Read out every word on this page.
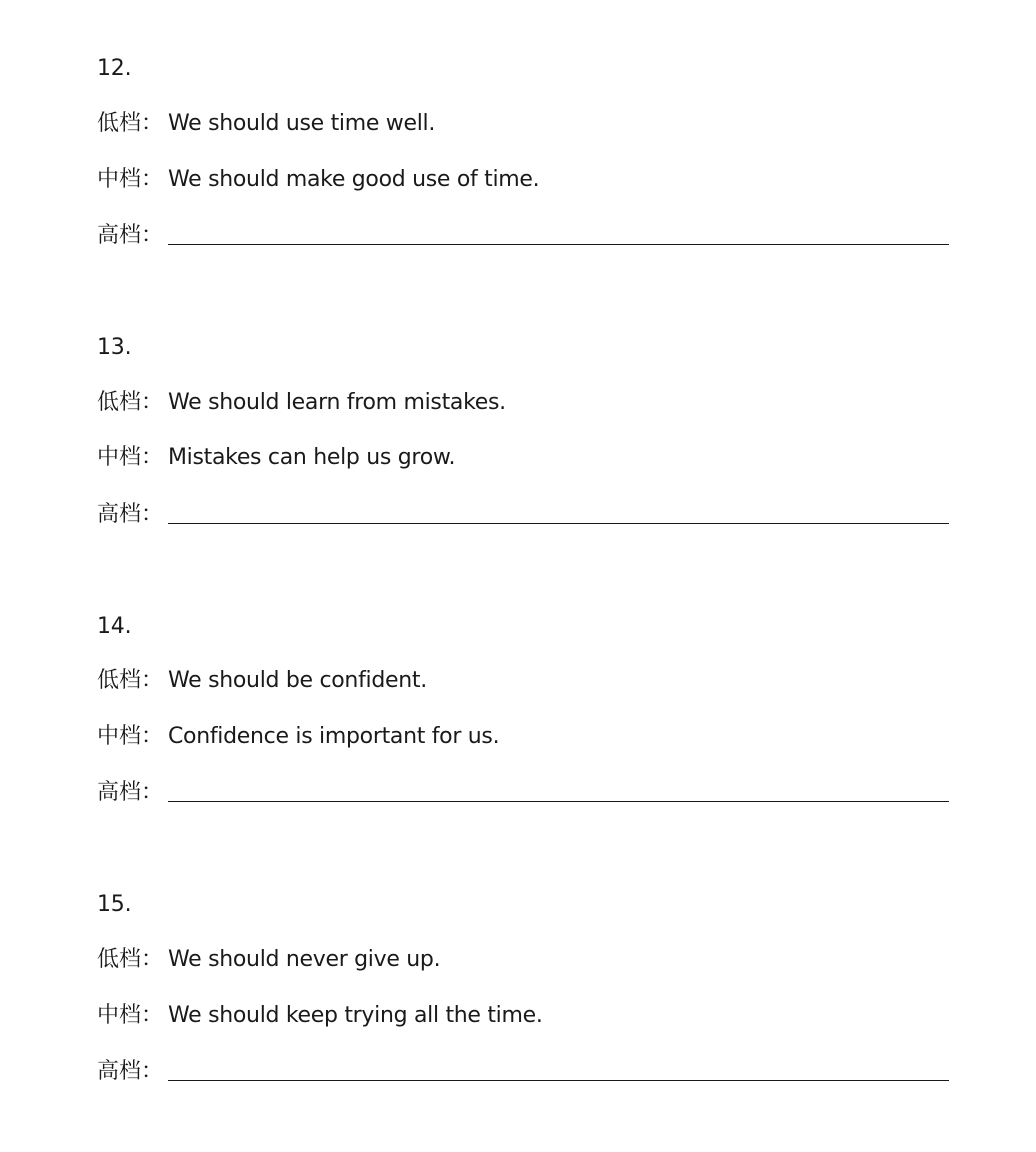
12.
低档： We should use time well.
中档： We should make good use of time.
高档：
13.
低档： We should learn from mistakes.
中档： Mistakes can help us grow.
高档：
14.
低档： We should be confident.
中档： Confidence is important for us.
高档：
15.
低档： We should never give up.
中档： We should keep trying all the time.
高档：
